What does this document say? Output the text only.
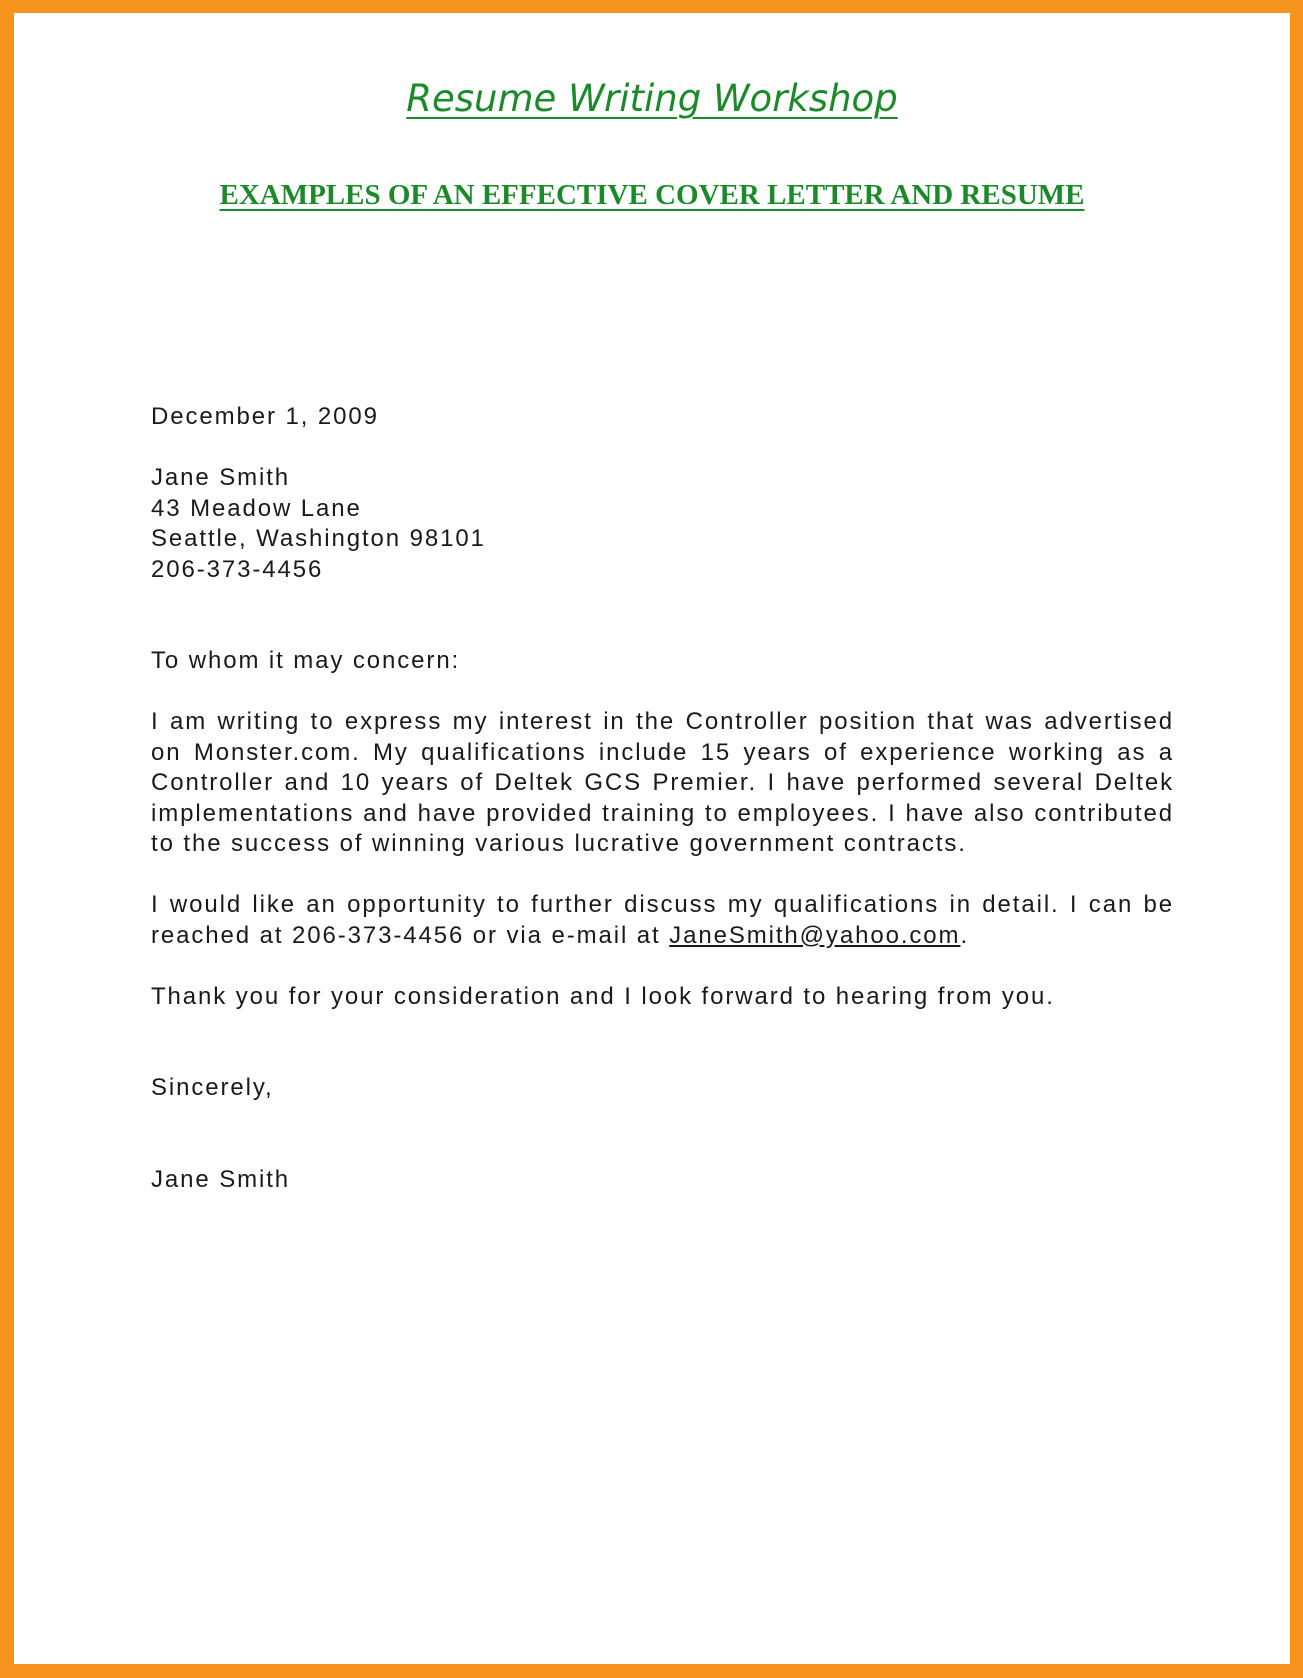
Resume Writing Workshop
EXAMPLES OF AN EFFECTIVE COVER LETTER AND RESUME

December 1, 2009

Jane Smith
43 Meadow Lane
Seattle, Washington 98101
206-373-4456

To whom it may concern:

I am writing to express my interest in the Controller position that was advertised on Monster.com. My qualifications include 15 years of experience working as a Controller and 10 years of Deltek GCS Premier. I have performed several Deltek implementations and have provided training to employees. I have also contributed to the success of winning various lucrative government contracts.

I would like an opportunity to further discuss my qualifications in detail. I can be reached at 206-373-4456 or via e-mail at JaneSmith@yahoo.com.

Thank you for your consideration and I look forward to hearing from you.

Sincerely,

Jane Smith
